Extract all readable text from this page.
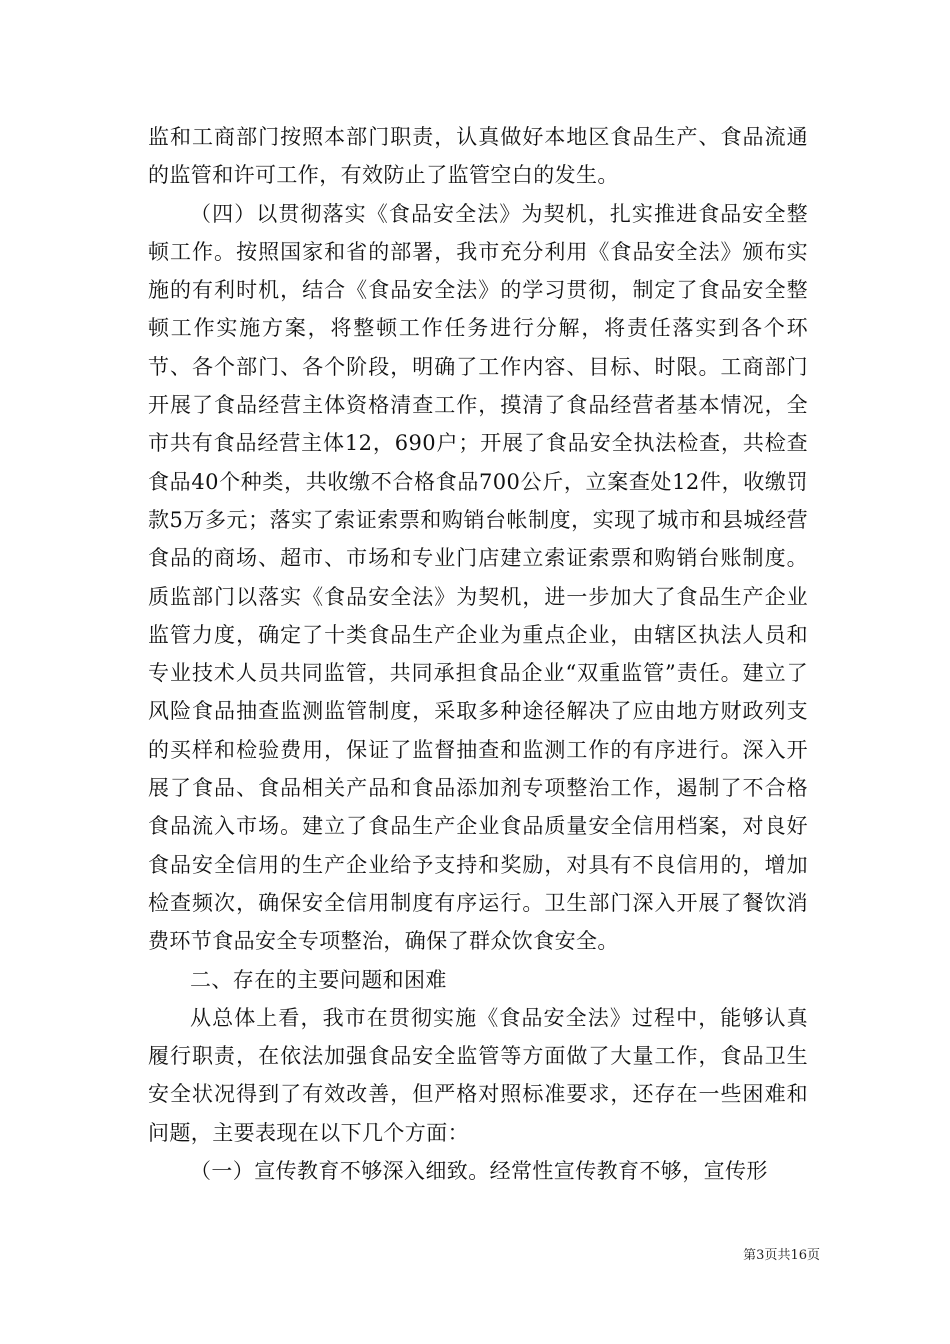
监和工商部门按照本部门职责，认真做好本地区食品生产、食品流通的监管和许可工作，有效防止了监管空白的发生。

（四）以贯彻落实《食品安全法》为契机，扎实推进食品安全整顿工作。按照国家和省的部署，我市充分利用《食品安全法》颁布实施的有利时机，结合《食品安全法》的学习贯彻，制定了食品安全整顿工作实施方案，将整顿工作任务进行分解，将责任落实到各个环节、各个部门、各个阶段，明确了工作内容、目标、时限。工商部门开展了食品经营主体资格清查工作，摸清了食品经营者基本情况，全市共有食品经营主体12，690户；开展了食品安全执法检查，共检查食品40个种类，共收缴不合格食品700公斤，立案查处12件，收缴罚款5万多元；落实了索证索票和购销台帐制度，实现了城市和县城经营食品的商场、超市、市场和专业门店建立索证索票和购销台账制度。质监部门以落实《食品安全法》为契机，进一步加大了食品生产企业监管力度，确定了十类食品生产企业为重点企业，由辖区执法人员和专业技术人员共同监管，共同承担食品企业“双重监管”责任。建立了风险食品抽查监测监管制度，采取多种途径解决了应由地方财政列支的买样和检验费用，保证了监督抽查和监测工作的有序进行。深入开展了食品、食品相关产品和食品添加剂专项整治工作，遏制了不合格食品流入市场。建立了食品生产企业食品质量安全信用档案，对良好食品安全信用的生产企业给予支持和奖励，对具有不良信用的，增加检查频次，确保安全信用制度有序运行。卫生部门深入开展了餐饮消费环节食品安全专项整治，确保了群众饮食安全。

二、存在的主要问题和困难

从总体上看，我市在贯彻实施《食品安全法》过程中，能够认真履行职责，在依法加强食品安全监管等方面做了大量工作，食品卫生安全状况得到了有效改善，但严格对照标准要求，还存在一些困难和问题，主要表现在以下几个方面：

（一）宣传教育不够深入细致。经常性宣传教育不够，宣传形

第3页共16页
